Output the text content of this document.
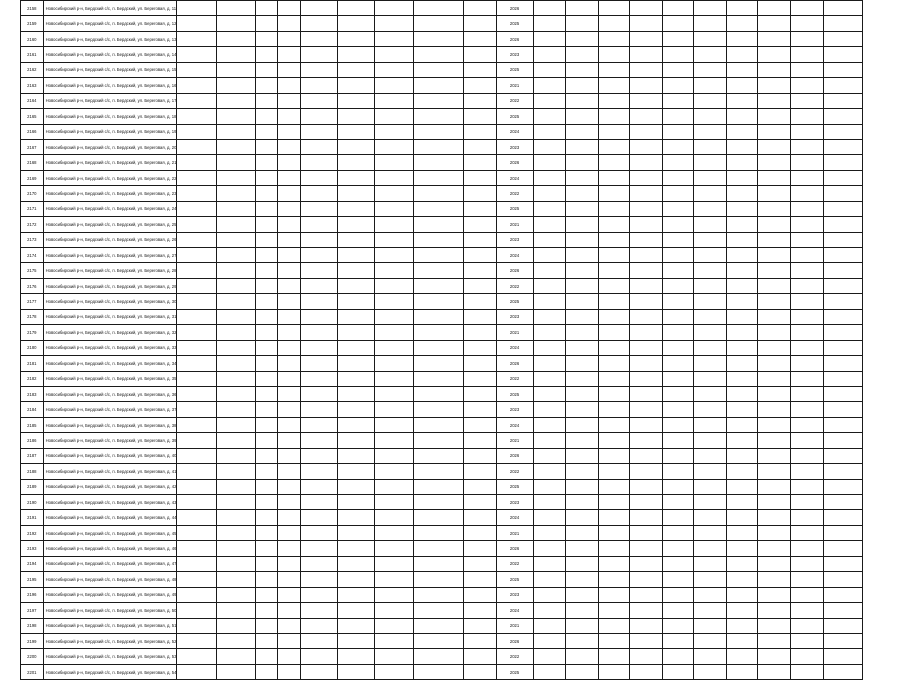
2158	Новосибирский р-н, Бердский с/с, п. Бердский, ул. Береговая, д. 11										2026										
2159	Новосибирский р-н, Бердский с/с, п. Бердский, ул. Береговая, д. 12										2025										
2160	Новосибирский р-н, Бердский с/с, п. Бердский, ул. Береговая, д. 13										2026										
2161	Новосибирский р-н, Бердский с/с, п. Бердский, ул. Береговая, д. 14										2023										
2162	Новосибирский р-н, Бердский с/с, п. Бердский, ул. Береговая, д. 15										2025										
2163	Новосибирский р-н, Бердский с/с, п. Бердский, ул. Береговая, д. 16										2021										
2164	Новосибирский р-н, Бердский с/с, п. Бердский, ул. Береговая, д. 17										2022										
2165	Новосибирский р-н, Бердский с/с, п. Бердский, ул. Береговая, д. 18										2025										
2166	Новосибирский р-н, Бердский с/с, п. Бердский, ул. Береговая, д. 19										2024										
2167	Новосибирский р-н, Бердский с/с, п. Бердский, ул. Береговая, д. 20										2023										
2168	Новосибирский р-н, Бердский с/с, п. Бердский, ул. Береговая, д. 21										2026										
2169	Новосибирский р-н, Бердский с/с, п. Бердский, ул. Береговая, д. 22										2024										
2170	Новосибирский р-н, Бердский с/с, п. Бердский, ул. Береговая, д. 23										2022										
2171	Новосибирский р-н, Бердский с/с, п. Бердский, ул. Береговая, д. 24										2025										
2172	Новосибирский р-н, Бердский с/с, п. Бердский, ул. Береговая, д. 25										2021										
2173	Новосибирский р-н, Бердский с/с, п. Бердский, ул. Береговая, д. 26										2023										
2174	Новосибирский р-н, Бердский с/с, п. Бердский, ул. Береговая, д. 27										2024										
2175	Новосибирский р-н, Бердский с/с, п. Бердский, ул. Береговая, д. 28										2026										
2176	Новосибирский р-н, Бердский с/с, п. Бердский, ул. Береговая, д. 29										2022										
2177	Новосибирский р-н, Бердский с/с, п. Бердский, ул. Береговая, д. 30										2025										
2178	Новосибирский р-н, Бердский с/с, п. Бердский, ул. Береговая, д. 31										2023										
2179	Новосибирский р-н, Бердский с/с, п. Бердский, ул. Береговая, д. 32										2021										
2180	Новосибирский р-н, Бердский с/с, п. Бердский, ул. Береговая, д. 33										2024										
2181	Новосибирский р-н, Бердский с/с, п. Бердский, ул. Береговая, д. 34										2026										
2182	Новосибирский р-н, Бердский с/с, п. Бердский, ул. Береговая, д. 35										2022										
2183	Новосибирский р-н, Бердский с/с, п. Бердский, ул. Береговая, д. 36										2025										
2184	Новосибирский р-н, Бердский с/с, п. Бердский, ул. Береговая, д. 37										2023										
2185	Новосибирский р-н, Бердский с/с, п. Бердский, ул. Береговая, д. 38										2024										
2186	Новосибирский р-н, Бердский с/с, п. Бердский, ул. Береговая, д. 39										2021										
2187	Новосибирский р-н, Бердский с/с, п. Бердский, ул. Береговая, д. 40										2026										
2188	Новосибирский р-н, Бердский с/с, п. Бердский, ул. Береговая, д. 41										2022										
2189	Новосибирский р-н, Бердский с/с, п. Бердский, ул. Береговая, д. 42										2025										
2190	Новосибирский р-н, Бердский с/с, п. Бердский, ул. Береговая, д. 43										2023										
2191	Новосибирский р-н, Бердский с/с, п. Бердский, ул. Береговая, д. 44										2024										
2192	Новосибирский р-н, Бердский с/с, п. Бердский, ул. Береговая, д. 45										2021										
2193	Новосибирский р-н, Бердский с/с, п. Бердский, ул. Береговая, д. 46										2026										
2194	Новосибирский р-н, Бердский с/с, п. Бердский, ул. Береговая, д. 47										2022										
2195	Новосибирский р-н, Бердский с/с, п. Бердский, ул. Береговая, д. 48										2025										
2196	Новосибирский р-н, Бердский с/с, п. Бердский, ул. Береговая, д. 49										2023										
2197	Новосибирский р-н, Бердский с/с, п. Бердский, ул. Береговая, д. 50										2024										
2198	Новосибирский р-н, Бердский с/с, п. Бердский, ул. Береговая, д. 51										2021										
2199	Новосибирский р-н, Бердский с/с, п. Бердский, ул. Береговая, д. 52										2026										
2200	Новосибирский р-н, Бердский с/с, п. Бердский, ул. Береговая, д. 53										2022										
2201	Новосибирский р-н, Бердский с/с, п. Бердский, ул. Береговая, д. 54										2025										
